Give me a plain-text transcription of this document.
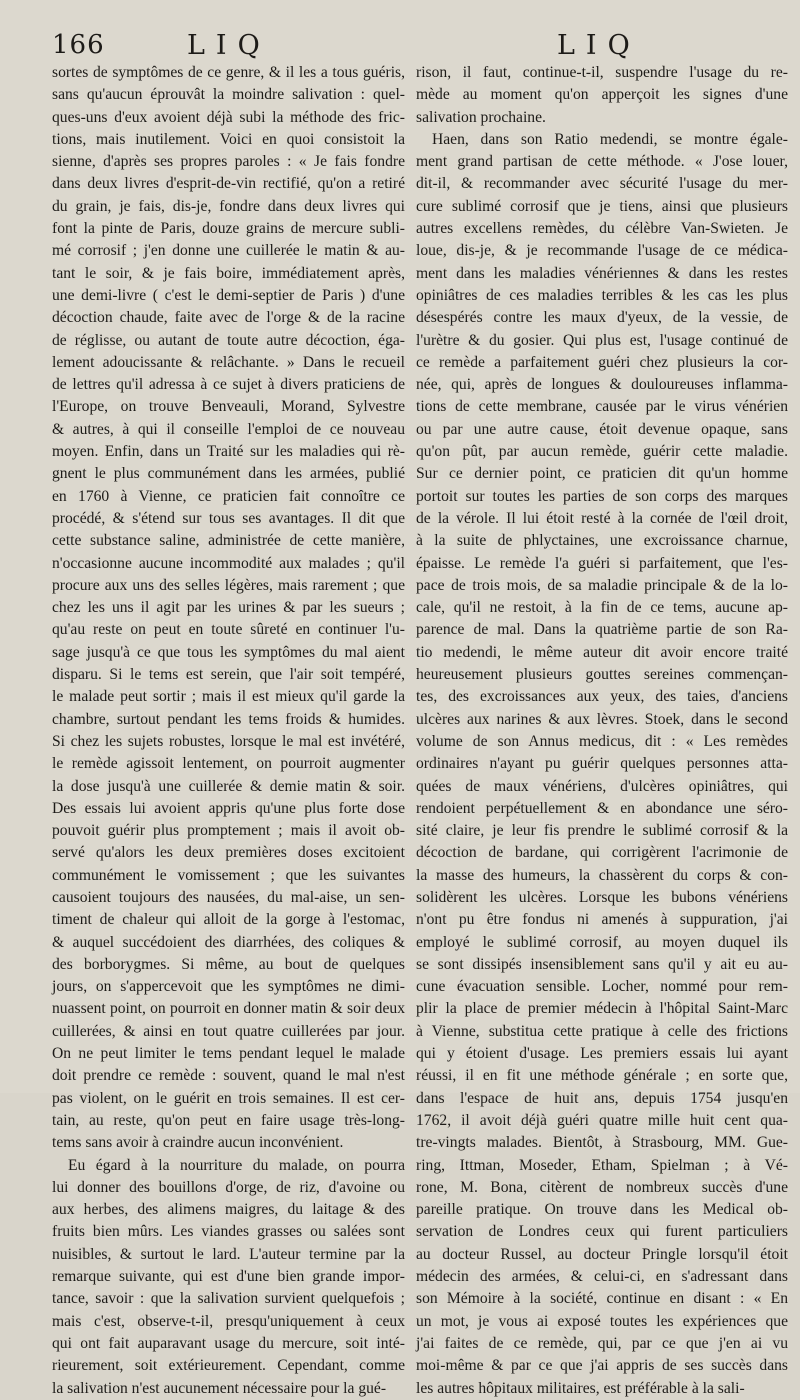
166	LIQ	LIQ

sortes de symptômes de ce genre, & il les a tous guéris,

sans qu'aucun éprouvât la moindre salivation : quel-

ques-uns d'eux avoient déjà subi la méthode des fric-

tions, mais inutilement. Voici en quoi consistoit la

sienne, d'après ses propres paroles : « Je fais fondre

dans deux livres d'esprit-de-vin rectifié, qu'on a retiré

du grain, je fais, dis-je, fondre dans deux livres qui

font la pinte de Paris, douze grains de mercure subli-

mé corrosif ; j'en donne une cuillerée le matin & au-

tant le soir, & je fais boire, immédiatement après,

une demi-livre ( c'est le demi-septier de Paris ) d'une

décoction chaude, faite avec de l'orge & de la racine

de réglisse, ou autant de toute autre décoction, éga-

lement adoucissante & relâchante. » Dans le recueil

de lettres qu'il adressa à ce sujet à divers praticiens de

l'Europe, on trouve Benveauli, Morand, Sylvestre

& autres, à qui il conseille l'emploi de ce nouveau

moyen. Enfin, dans un Traité sur les maladies qui rè-

gnent le plus communément dans les armées, publié

en 1760 à Vienne, ce praticien fait connoître ce

procédé, & s'étend sur tous ses avantages. Il dit que

cette substance saline, administrée de cette manière,

n'occasionne aucune incommodité aux malades ; qu'il

procure aux uns des selles légères, mais rarement ; que

chez les uns il agit par les urines & par les sueurs ;

qu'au reste on peut en toute sûreté en continuer l'u-

sage jusqu'à ce que tous les symptômes du mal aient

disparu. Si le tems est serein, que l'air soit tempéré,

le malade peut sortir ; mais il est mieux qu'il garde la

chambre, surtout pendant les tems froids & humides.

Si chez les sujets robustes, lorsque le mal est invétéré,

le remède agissoit lentement, on pourroit augmenter

la dose jusqu'à une cuillerée & demie matin & soir.

Des essais lui avoient appris qu'une plus forte dose

pouvoit guérir plus promptement ; mais il avoit ob-

servé qu'alors les deux premières doses excitoient

communément le vomissement ; que les suivantes

causoient toujours des nausées, du mal-aise, un sen-

timent de chaleur qui alloit de la gorge à l'estomac,

& auquel succédoient des diarrhées, des coliques &

des borborygmes. Si même, au bout de quelques

jours, on s'appercevoit que les symptômes ne dimi-

nuassent point, on pourroit en donner matin & soir deux

cuillerées, & ainsi en tout quatre cuillerées par jour.

On ne peut limiter le tems pendant lequel le malade

doit prendre ce remède : souvent, quand le mal n'est

pas violent, on le guérit en trois semaines. Il est cer-

tain, au reste, qu'on peut en faire usage très-long-

tems sans avoir à craindre aucun inconvénient.

Eu égard à la nourriture du malade, on pourra

lui donner des bouillons d'orge, de riz, d'avoine ou

aux herbes, des alimens maigres, du laitage & des

fruits bien mûrs. Les viandes grasses ou salées sont

nuisibles, & surtout le lard. L'auteur termine par la

remarque suivante, qui est d'une bien grande impor-

tance, savoir : que la salivation survient quelquefois ;

mais c'est, observe-t-il, presqu'uniquement à ceux

qui ont fait auparavant usage du mercure, soit inté-

rieurement, soit extérieurement. Cependant, comme

la salivation n'est aucunement nécessaire pour la gué-

rison, il faut, continue-t-il, suspendre l'usage du re-

mède au moment qu'on apperçoit les signes d'une

salivation prochaine.

Haen, dans son Ratio medendi, se montre égale-

ment grand partisan de cette méthode. « J'ose louer,

dit-il, & recommander avec sécurité l'usage du mer-

cure sublimé corrosif que je tiens, ainsi que plusieurs

autres excellens remèdes, du célèbre Van-Swieten. Je

loue, dis-je, & je recommande l'usage de ce médica-

ment dans les maladies vénériennes & dans les restes

opiniâtres de ces maladies terribles & les cas les plus

désespérés contre les maux d'yeux, de la vessie, de

l'urètre & du gosier. Qui plus est, l'usage continué de

ce remède a parfaitement guéri chez plusieurs la cor-

née, qui, après de longues & douloureuses inflamma-

tions de cette membrane, causée par le virus vénérien

ou par une autre cause, étoit devenue opaque, sans

qu'on pût, par aucun remède, guérir cette maladie.

Sur ce dernier point, ce praticien dit qu'un homme

portoit sur toutes les parties de son corps des marques

de la vérole. Il lui étoit resté à la cornée de l'œil droit,

à la suite de phlyctaines, une excroissance charnue,

épaisse. Le remède l'a guéri si parfaitement, que l'es-

pace de trois mois, de sa maladie principale & de la lo-

cale, qu'il ne restoit, à la fin de ce tems, aucune ap-

parence de mal. Dans la quatrième partie de son Ra-

tio medendi, le même auteur dit avoir encore traité

heureusement plusieurs gouttes sereines commençan-

tes, des excroissances aux yeux, des taies, d'anciens

ulcères aux narines & aux lèvres. Stoek, dans le second

volume de son Annus medicus, dit : « Les remèdes

ordinaires n'ayant pu guérir quelques personnes atta-

quées de maux vénériens, d'ulcères opiniâtres, qui

rendoient perpétuellement & en abondance une séro-

sité claire, je leur fis prendre le sublimé corrosif & la

décoction de bardane, qui corrigèrent l'acrimonie de

la masse des humeurs, la chassèrent du corps & con-

solidèrent les ulcères. Lorsque les bubons vénériens

n'ont pu être fondus ni amenés à suppuration, j'ai

employé le sublimé corrosif, au moyen duquel ils

se sont dissipés insensiblement sans qu'il y ait eu au-

cune évacuation sensible. Locher, nommé pour rem-

plir la place de premier médecin à l'hôpital Saint-Marc

à Vienne, substitua cette pratique à celle des frictions

qui y étoient d'usage. Les premiers essais lui ayant

réussi, il en fit une méthode générale ; en sorte que,

dans l'espace de huit ans, depuis 1754 jusqu'en

1762, il avoit déjà guéri quatre mille huit cent qua-

tre-vingts malades. Bientôt, à Strasbourg, MM. Gue-

ring, Ittman, Moseder, Etham, Spielman ; à Vé-

rone, M. Bona, citèrent de nombreux succès d'une

pareille pratique. On trouve dans les Medical ob-

servation de Londres ceux qui furent particuliers

au docteur Russel, au docteur Pringle lorsqu'il étoit

médecin des armées, & celui-ci, en s'adressant dans

son Mémoire à la société, continue en disant : « En

un mot, je vous ai exposé toutes les expériences que

j'ai faites de ce remède, qui, par ce que j'en ai vu

moi-même & par ce que j'ai appris de ses succès dans

les autres hôpitaux militaires, est préférable à la sali-
